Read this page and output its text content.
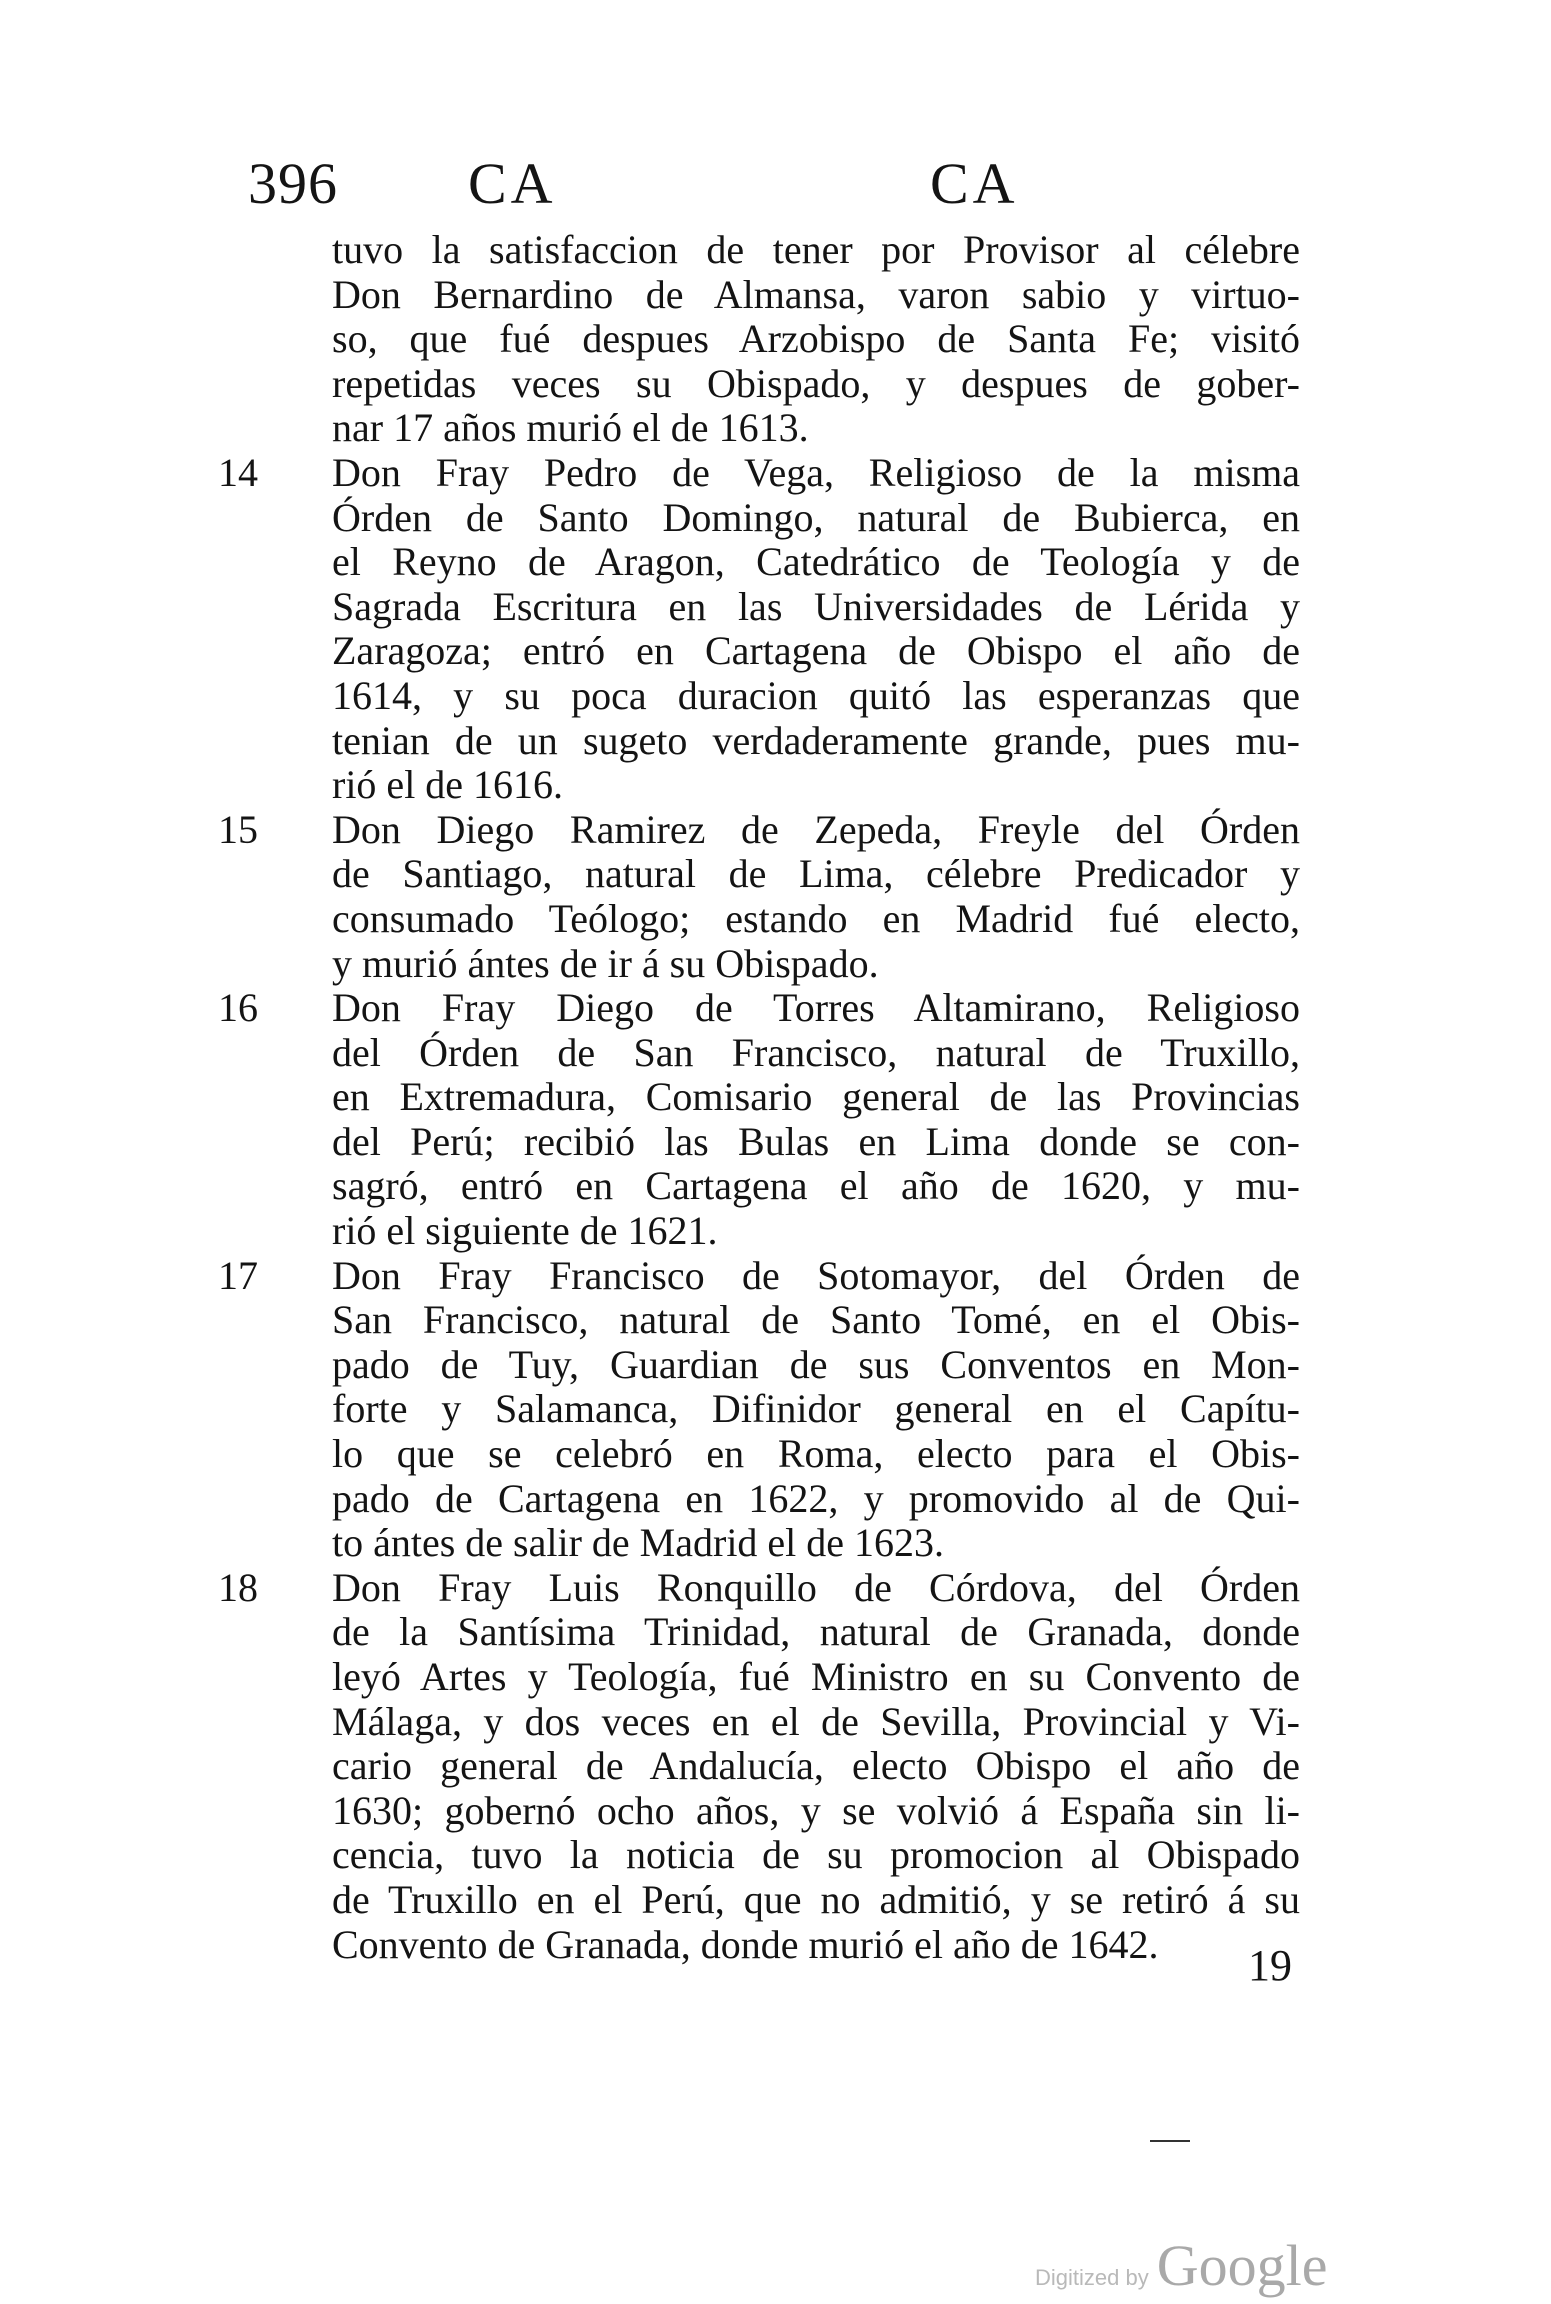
396 CA	CA
tuvo la satisfaccion de tener por Provisor al célebre
Don Bernardino de Almansa, varon sabio y virtuo-
so, que fué despues Arzobispo de Santa Fe; visitó
repetidas veces su Obispado, y despues de gober-
nar 17 años murió el de 1613.
14	Don Fray Pedro de Vega, Religioso de la misma
Órden de Santo Domingo, natural de Bubierca, en
el Reyno de Aragon, Catedrático de Teología y de
Sagrada Escritura en las Universidades de Lérida y
Zaragoza; entró en Cartagena de Obispo el año de
1614, y su poca duracion quitó las esperanzas que
tenian de un sugeto verdaderamente grande, pues mu-
rió el de 1616.
15	Don Diego Ramirez de Zepeda, Freyle del Órden
de Santiago, natural de Lima, célebre Predicador y
consumado Teólogo; estando en Madrid fué electo,
y murió ántes de ir á su Obispado.
16	Don Fray Diego de Torres Altamirano, Religioso
del Órden de San Francisco, natural de Truxillo,
en Extremadura, Comisario general de las Provincias
del Perú; recibió las Bulas en Lima donde se con-
sagró, entró en Cartagena el año de 1620, y mu-
rió el siguiente de 1621.
17	Don Fray Francisco de Sotomayor, del Órden de
San Francisco, natural de Santo Tomé, en el Obis-
pado de Tuy, Guardian de sus Conventos en Mon-
forte y Salamanca, Difinidor general en el Capítu-
lo que se celebró en Roma, electo para el Obis-
pado de Cartagena en 1622, y promovido al de Qui-
to ántes de salir de Madrid el de 1623.
18	Don Fray Luis Ronquillo de Córdova, del Órden
de la Santísima Trinidad, natural de Granada, donde
leyó Artes y Teología, fué Ministro en su Convento de
Málaga, y dos veces en el de Sevilla, Provincial y Vi-
cario general de Andalucía, electo Obispo el año de
1630; gobernó ocho años, y se volvió á España sin li-
cencia, tuvo la noticia de su promocion al Obispado
de Truxillo en el Perú, que no admitió, y se retiró á su
Convento de Granada, donde murió el año de 1642.	19
Digitized by Google
